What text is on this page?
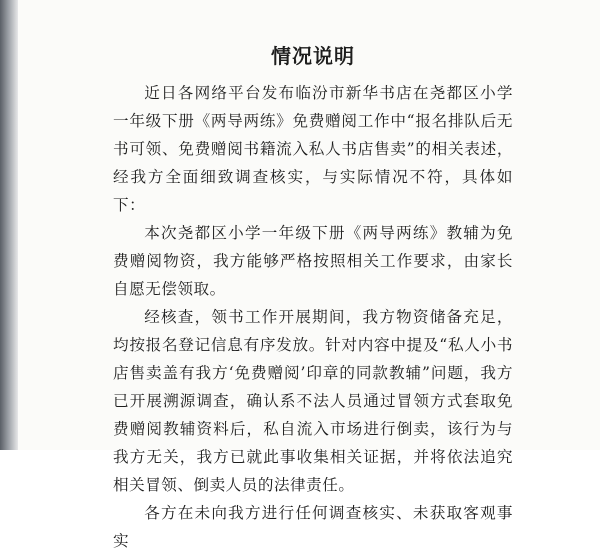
情况说明

近日各网络平台发布临汾市新华书店在尧都区小学一年级下册《两导两练》免费赠阅工作中“报名排队后无书可领、免费赠阅书籍流入私人书店售卖”的相关表述，经我方全面细致调查核实，与实际情况不符，具体如下：

本次尧都区小学一年级下册《两导两练》教辅为免费赠阅物资，我方能够严格按照相关工作要求，由家长自愿无偿领取。

经核查，领书工作开展期间，我方物资储备充足，均按报名登记信息有序发放。针对内容中提及“私人小书店售卖盖有我方‘免费赠阅’印章的同款教辅”问题，我方已开展溯源调查，确认系不法人员通过冒领方式套取免费赠阅教辅资料后，私自流入市场进行倒卖，该行为与我方无关，我方已就此事收集相关证据，并将依法追究相关冒领、倒卖人员的法律责任。

各方在未向我方进行任何调查核实、未获取客观事实
